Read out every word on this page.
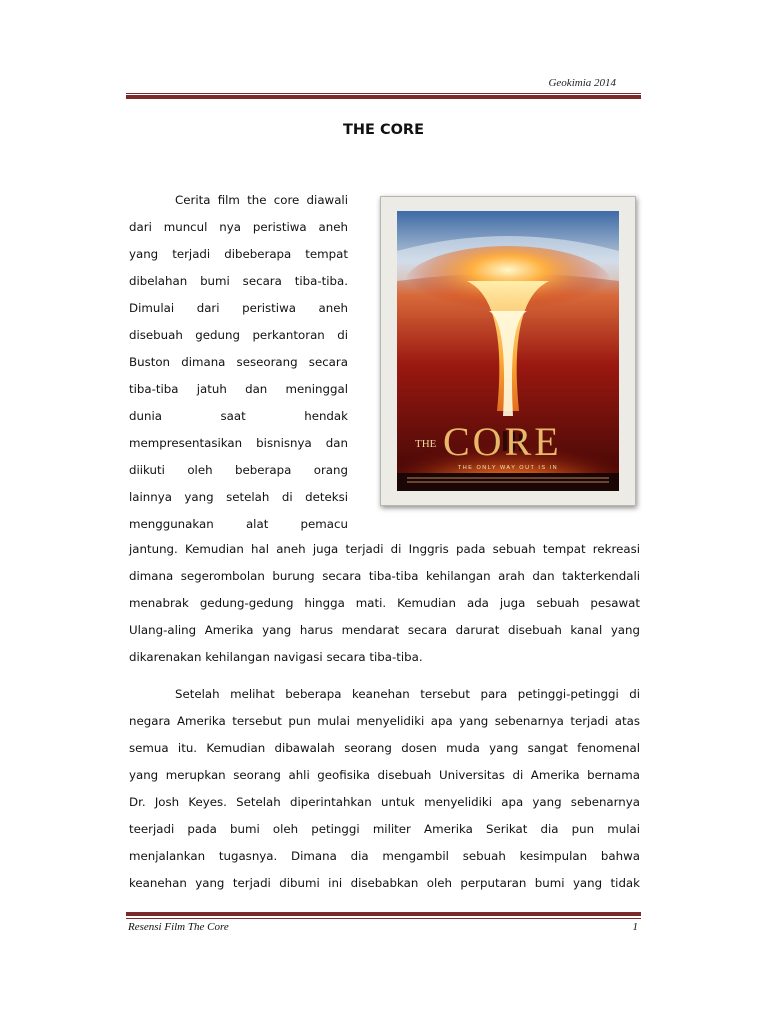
Geokimia 2014
THE CORE
Cerita film the core diawali
dari muncul nya peristiwa aneh
yang terjadi dibeberapa tempat
dibelahan bumi secara tiba-tiba.
Dimulai dari peristiwa aneh
disebuah gedung perkantoran di
Buston dimana seseorang secara
tiba-tiba jatuh dan meninggal
dunia saat hendak
mempresentasikan bisnisnya dan
diikuti oleh beberapa orang
lainnya yang setelah di deteksi
menggunakan alat pemacu
THE CORE
THE ONLY WAY OUT IS IN
jantung. Kemudian hal aneh juga terjadi di Inggris pada sebuah tempat rekreasi
dimana segerombolan burung secara tiba-tiba kehilangan arah dan takterkendali
menabrak gedung-gedung hingga mati. Kemudian ada juga sebuah pesawat
Ulang-aling Amerika yang harus mendarat secara darurat disebuah kanal yang
dikarenakan kehilangan navigasi secara tiba-tiba.
Setelah melihat beberapa keanehan tersebut para petinggi-petinggi di
negara Amerika tersebut pun mulai menyelidiki apa yang sebenarnya terjadi atas
semua itu. Kemudian dibawalah seorang dosen muda yang sangat fenomenal
yang merupkan seorang ahli geofisika disebuah Universitas di Amerika bernama
Dr. Josh Keyes. Setelah diperintahkan untuk menyelidiki apa yang sebenarnya
teerjadi pada bumi oleh petinggi militer Amerika Serikat dia pun mulai
menjalankan tugasnya. Dimana dia mengambil sebuah kesimpulan bahwa
keanehan yang terjadi dibumi ini disebabkan oleh perputaran bumi yang tidak
Resensi Film The Core	1
